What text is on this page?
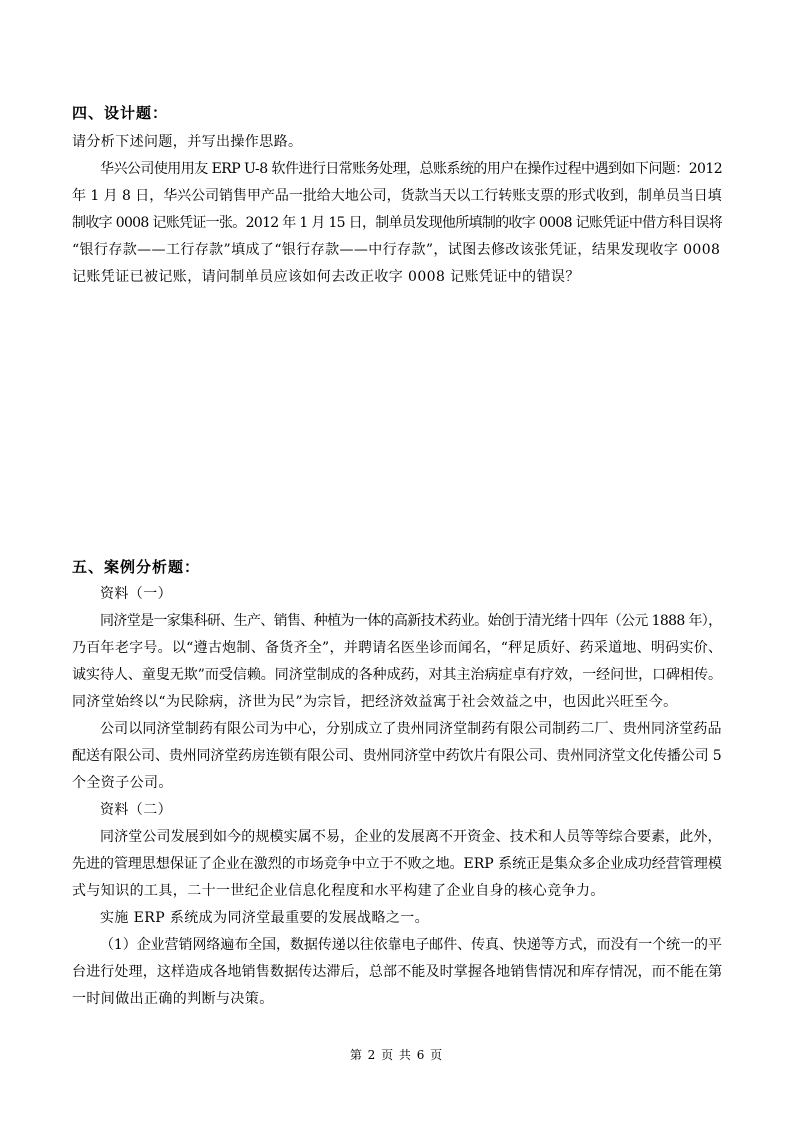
四、设计题：
请分析下述问题，并写出操作思路。
华兴公司使用用友 ERP U-8 软件进行日常账务处理，总账系统的用户在操作过程中遇到如下问题：2012
年 1 月 8 日，华兴公司销售甲产品一批给大地公司，货款当天以工行转账支票的形式收到，制单员当日填
制收字 0008 记账凭证一张。2012 年 1 月 15 日，制单员发现他所填制的收字 0008 记账凭证中借方科目误将
“银行存款——工行存款”填成了“银行存款——中行存款”，试图去修改该张凭证，结果发现收字 0008
记账凭证已被记账，请问制单员应该如何去改正收字 0008 记账凭证中的错误？
五、案例分析题：
资料（一）
同济堂是一家集科研、生产、销售、种植为一体的高新技术药业。始创于清光绪十四年（公元 1888 年），
乃百年老字号。以“遵古炮制、备货齐全”，并聘请名医坐诊而闻名，“秤足质好、药采道地、明码实价、
诚实待人、童叟无欺”而受信赖。同济堂制成的各种成药，对其主治病症卓有疗效，一经问世，口碑相传。
同济堂始终以“为民除病，济世为民”为宗旨，把经济效益寓于社会效益之中，也因此兴旺至今。
公司以同济堂制药有限公司为中心，分别成立了贵州同济堂制药有限公司制药二厂、贵州同济堂药品
配送有限公司、贵州同济堂药房连锁有限公司、贵州同济堂中药饮片有限公司、贵州同济堂文化传播公司 5
个全资子公司。
资料（二）
同济堂公司发展到如今的规模实属不易，企业的发展离不开资金、技术和人员等等综合要素，此外，
先进的管理思想保证了企业在激烈的市场竞争中立于不败之地。ERP 系统正是集众多企业成功经营管理模
式与知识的工具，二十一世纪企业信息化程度和水平构建了企业自身的核心竞争力。
实施 ERP 系统成为同济堂最重要的发展战略之一。
（1）企业营销网络遍布全国，数据传递以往依靠电子邮件、传真、快递等方式，而没有一个统一的平
台进行处理，这样造成各地销售数据传达滞后，总部不能及时掌握各地销售情况和库存情况，而不能在第
一时间做出正确的判断与决策。
第 2 页 共 6 页
